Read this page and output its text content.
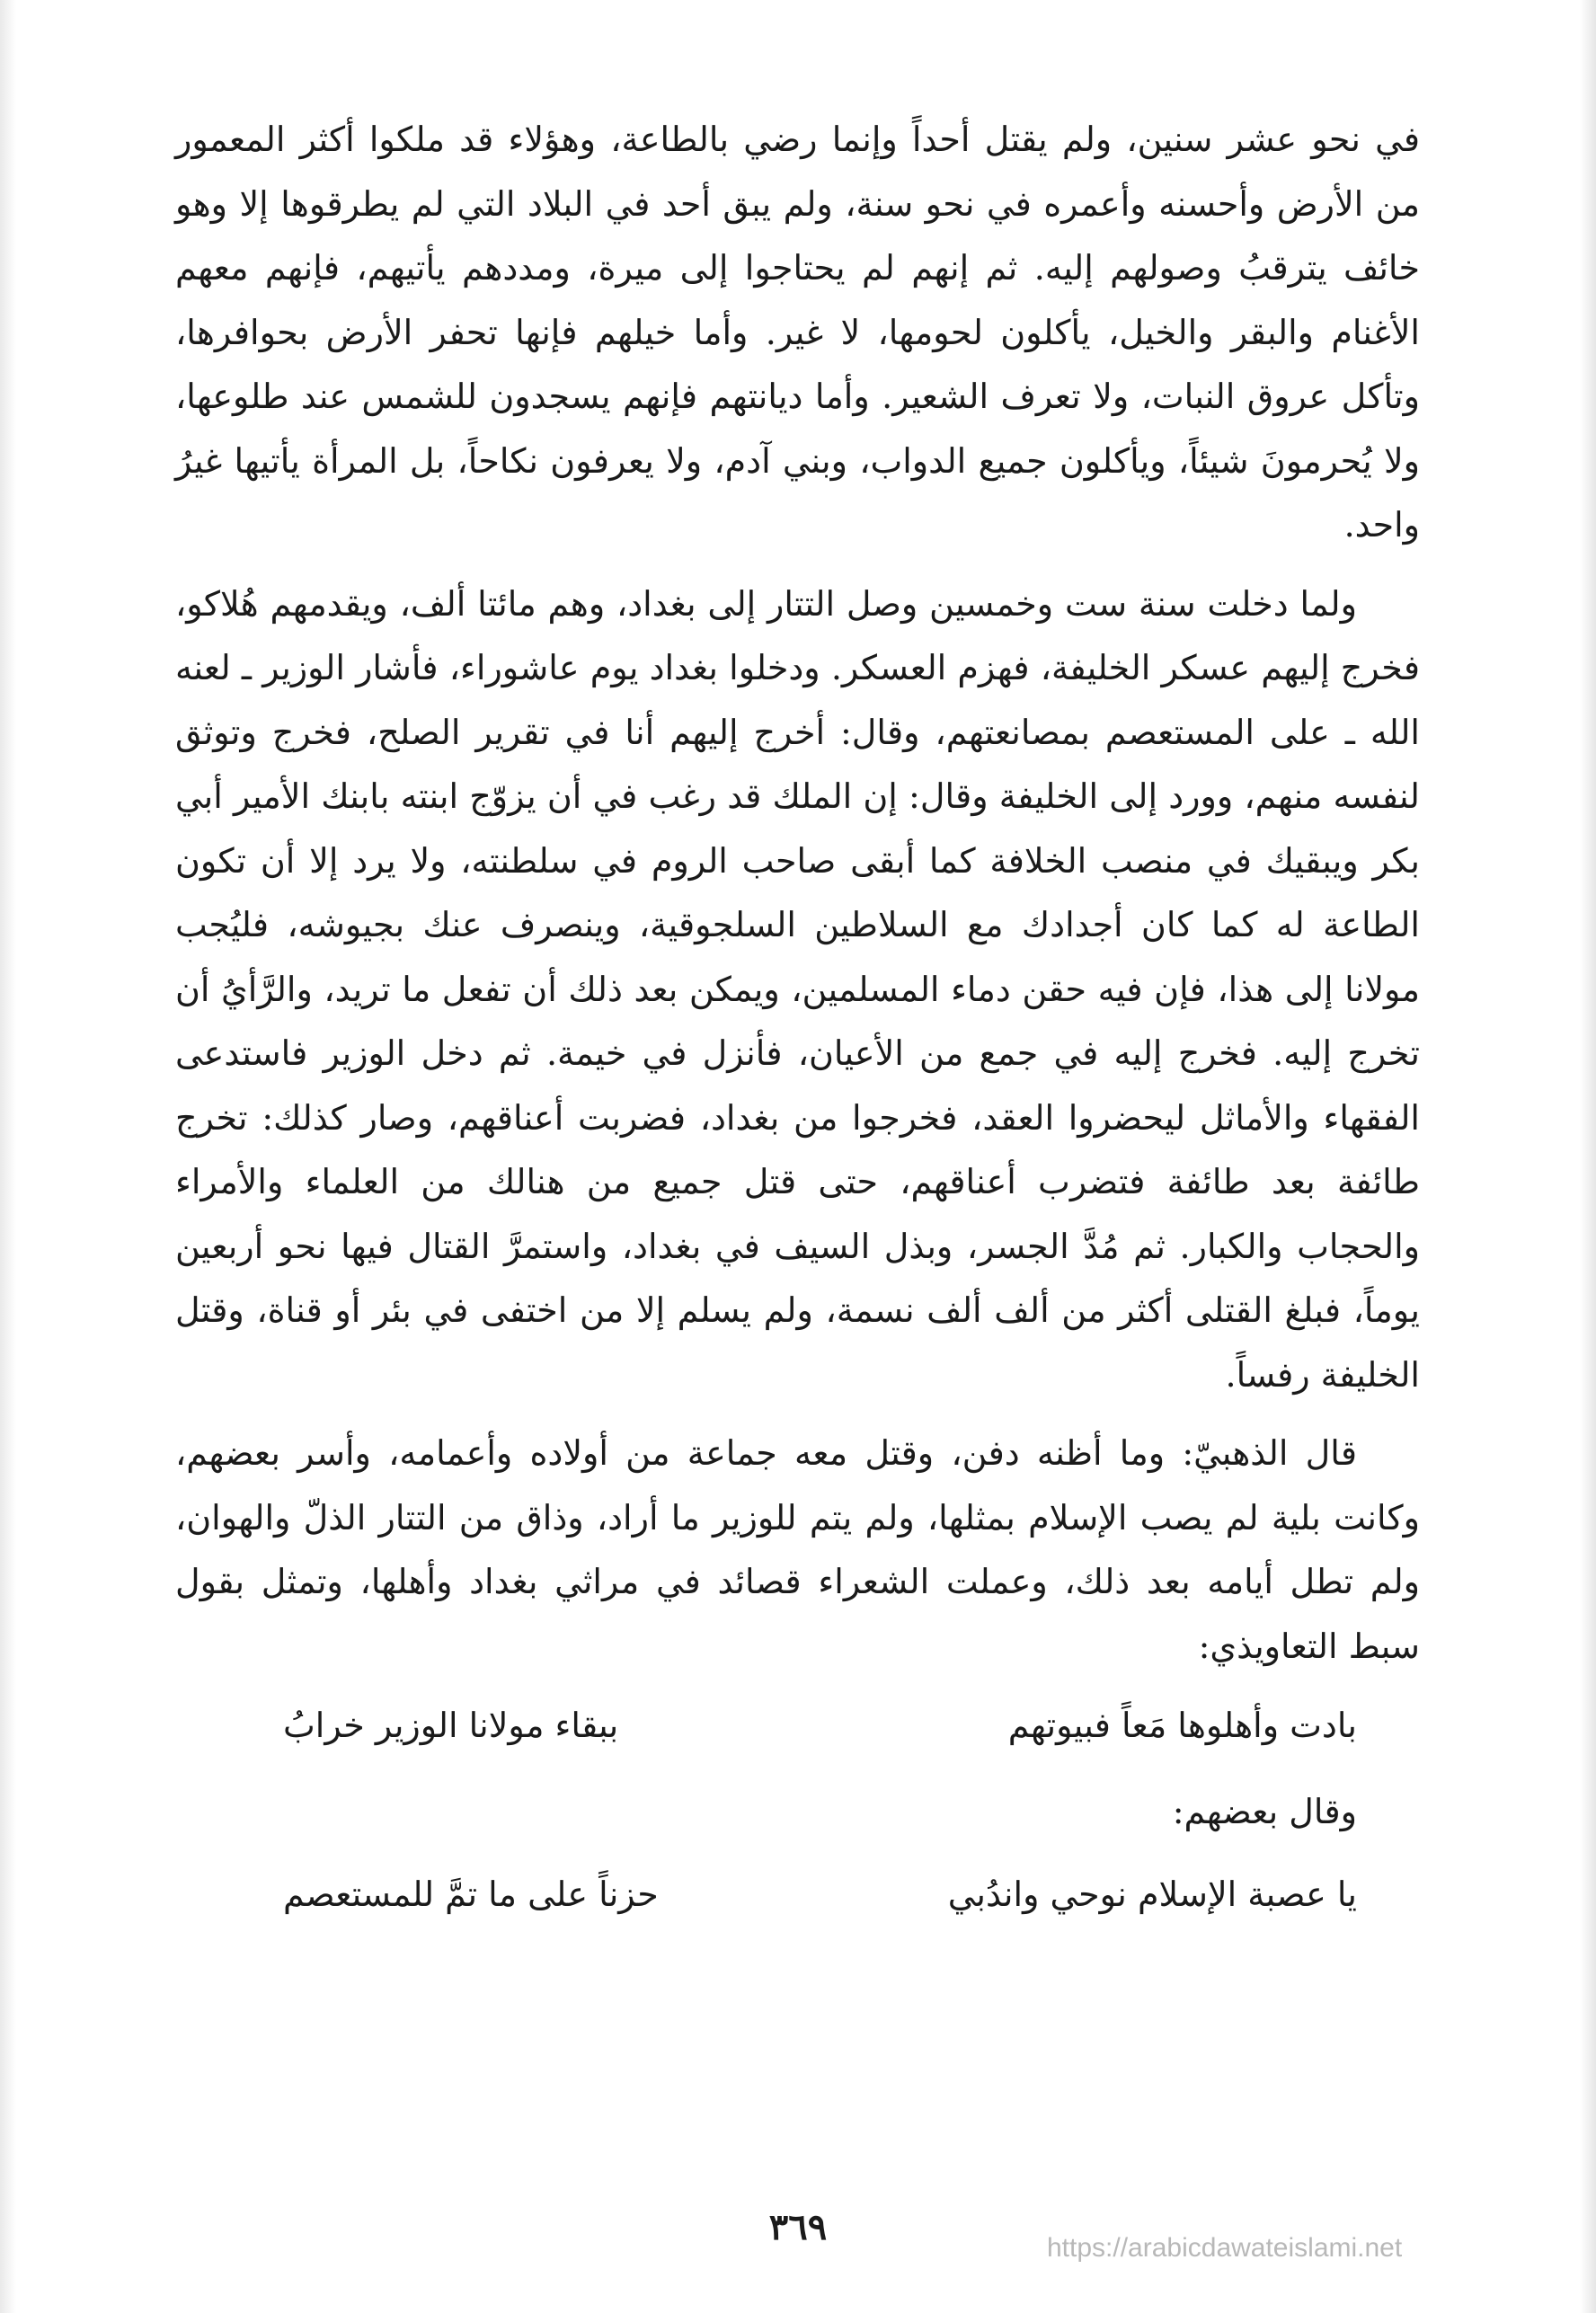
في نحو عشر سنين، ولم يقتل أحداً وإنما رضي بالطاعة، وهؤلاء قد ملكوا أكثر المعمور من الأرض وأحسنه وأعمره في نحو سنة، ولم يبق أحد في البلاد التي لم يطرقوها إلا وهو خائف يترقبُ وصولهم إليه. ثم إنهم لم يحتاجوا إلى ميرة، ومددهم يأتيهم، فإنهم معهم الأغنام والبقر والخيل، يأكلون لحومها، لا غير. وأما خيلهم فإنها تحفر الأرض بحوافرها، وتأكل عروق النبات، ولا تعرف الشعير. وأما ديانتهم فإنهم يسجدون للشمس عند طلوعها، ولا يُحرمونَ شيئاً، ويأكلون جميع الدواب، وبني آدم، ولا يعرفون نكاحاً، بل المرأة يأتيها غيرُ واحد.

ولما دخلت سنة ست وخمسين وصل التتار إلى بغداد، وهم مائتا ألف، ويقدمهم هُلاكو، فخرج إليهم عسكر الخليفة، فهزم العسكر. ودخلوا بغداد يوم عاشوراء، فأشار الوزير ـ لعنه الله ـ على المستعصم بمصانعتهم، وقال: أخرج إليهم أنا في تقرير الصلح، فخرج وتوثق لنفسه منهم، وورد إلى الخليفة وقال: إن الملك قد رغب في أن يزوّج ابنته بابنك الأمير أبي بكر ويبقيك في منصب الخلافة كما أبقى صاحب الروم في سلطنته، ولا يرد إلا أن تكون الطاعة له كما كان أجدادك مع السلاطين السلجوقية، وينصرف عنك بجيوشه، فليُجب مولانا إلى هذا، فإن فيه حقن دماء المسلمين، ويمكن بعد ذلك أن تفعل ما تريد، والرَّأيُ أن تخرج إليه. فخرج إليه في جمع من الأعيان، فأنزل في خيمة. ثم دخل الوزير فاستدعى الفقهاء والأماثل ليحضروا العقد، فخرجوا من بغداد، فضربت أعناقهم، وصار كذلك: تخرج طائفة بعد طائفة فتضرب أعناقهم، حتى قتل جميع من هنالك من العلماء والأمراء والحجاب والكبار. ثم مُدَّ الجسر، وبذل السيف في بغداد، واستمرَّ القتال فيها نحو أربعين يوماً، فبلغ القتلى أكثر من ألف ألف نسمة، ولم يسلم إلا من اختفى في بئر أو قناة، وقتل الخليفة رفساً.

قال الذهبيّ: وما أظنه دفن، وقتل معه جماعة من أولاده وأعمامه، وأسر بعضهم، وكانت بلية لم يصب الإسلام بمثلها، ولم يتم للوزير ما أراد، وذاق من التتار الذلّ والهوان، ولم تطل أيامه بعد ذلك، وعملت الشعراء قصائد في مراثي بغداد وأهلها، وتمثل بقول سبط التعاويذي:

بادت وأهلوها مَعاً فبيوتهم
ببقاء مولانا الوزير خرابُ
وقال بعضهم:
يا عصبة الإسلام نوحي واندُبي
حزناً على ما تمَّ للمستعصم
٣٦٩	https://arabicdawateislami.net
